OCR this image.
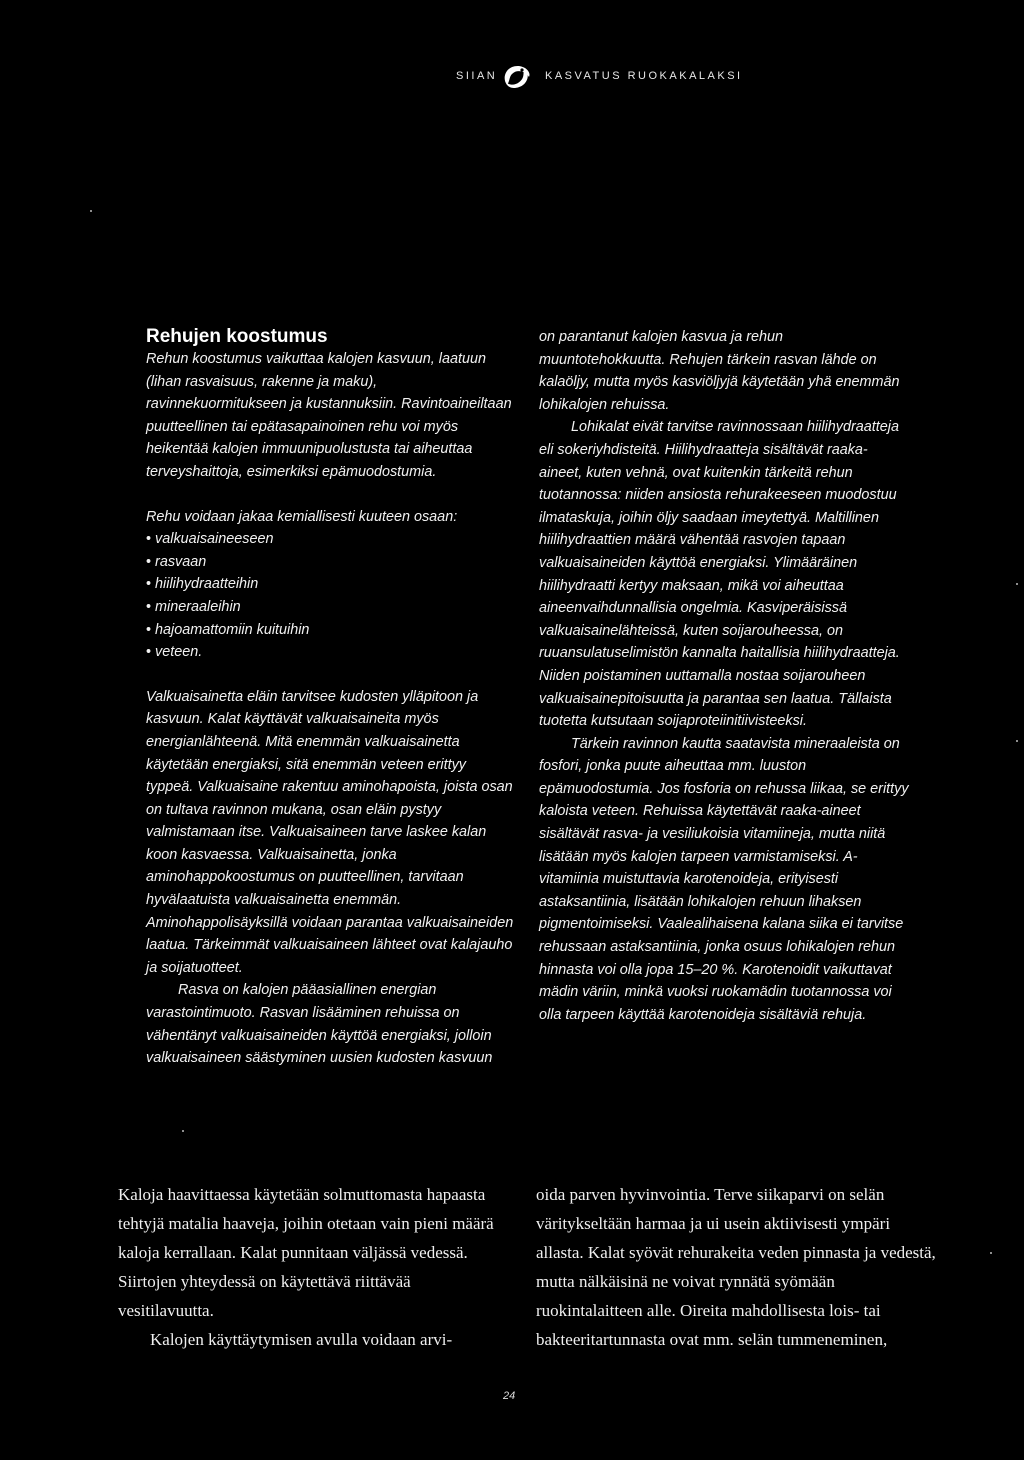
SIIAN	KASVATUS RUOKAKALAKSI
Rehujen koostumus

Rehun koostumus vaikuttaa kalojen kasvuun, laatuun (lihan rasvaisuus, rakenne ja maku), ravinnekuormitukseen ja kustannuksiin. Ravintoaineiltaan puutteellinen tai epätasapainoinen rehu voi myös heikentää kalojen immuunipuolustusta tai aiheuttaa terveyshaittoja, esimerkiksi epämuodostumia.

Rehu voidaan jakaa kemiallisesti kuuteen osaan:

• valkuaisaineeseen
• rasvaan
• hiilihydraatteihin
• mineraaleihin
• hajoamattomiin kuituihin
• veteen.

Valkuaisainetta eläin tarvitsee kudosten ylläpitoon ja kasvuun. Kalat käyttävät valkuaisaineita myös energianlähteenä. Mitä enemmän valkuaisainetta käytetään energiaksi, sitä enemmän veteen erittyy typpeä. Valkuaisaine rakentuu aminohapoista, joista osan on tultava ravinnon mukana, osan eläin pystyy valmistamaan itse. Valkuaisaineen tarve laskee kalan koon kasvaessa. Valkuaisainetta, jonka aminohappokoostumus on puutteellinen, tarvitaan hyvälaatuista valkuaisainetta enemmän. Aminohappolisäyksillä voidaan parantaa valkuaisaineiden laatua. Tärkeimmät valkuaisaineen lähteet ovat kalajauho ja soijatuotteet.

Rasva on kalojen pääasiallinen energian varastointimuoto. Rasvan lisääminen rehuissa on vähentänyt valkuaisaineiden käyttöä energiaksi, jolloin valkuaisaineen säästyminen uusien kudosten kasvuun

on parantanut kalojen kasvua ja rehun muuntotehokkuutta. Rehujen tärkein rasvan lähde on kalaöljy, mutta myös kasviöljyjä käytetään yhä enemmän lohikalojen rehuissa.

Lohikalat eivät tarvitse ravinnossaan hiilihydraatteja eli sokeriyhdisteitä. Hiilihydraatteja sisältävät raaka-aineet, kuten vehnä, ovat kuitenkin tärkeitä rehun tuotannossa: niiden ansiosta rehurakeeseen muodostuu ilmataskuja, joihin öljy saadaan imeytettyä. Maltillinen hiilihydraattien määrä vähentää rasvojen tapaan valkuaisaineiden käyttöä energiaksi. Ylimääräinen hiilihydraatti kertyy maksaan, mikä voi aiheuttaa aineenvaihdunnallisia ongelmia. Kasviperäisissä valkuaisainelähteissä, kuten soijarouheessa, on ruuansulatuselimistön kannalta haitallisia hiilihydraatteja. Niiden poistaminen uuttamalla nostaa soijarouheen valkuaisainepitoisuutta ja parantaa sen laatua. Tällaista tuotetta kutsutaan soijaproteiinitiivisteeksi.

Tärkein ravinnon kautta saatavista mineraaleista on fosfori, jonka puute aiheuttaa mm. luuston epämuodostumia. Jos fosforia on rehussa liikaa, se erittyy kaloista veteen. Rehuissa käytettävät raaka-aineet sisältävät rasva- ja vesiliukoisia vitamiineja, mutta niitä lisätään myös kalojen tarpeen varmistamiseksi. A-vitamiinia muistuttavia karotenoideja, erityisesti astaksantiinia, lisätään lohikalojen rehuun lihaksen pigmentoimiseksi. Vaalealihaisena kalana siika ei tarvitse rehussaan astaksantiinia, jonka osuus lohikalojen rehun hinnasta voi olla jopa 15–20 %. Karotenoidit vaikuttavat mädin väriin, minkä vuoksi ruokamädin tuotannossa voi olla tarpeen käyttää karotenoideja sisältäviä rehuja.

Kaloja haavittaessa käytetään solmuttomasta hapaasta tehtyjä matalia haaveja, joihin otetaan vain pieni määrä kaloja kerrallaan. Kalat punnitaan väljässä vedessä. Siirtojen yhteydessä on käytettävä riittävää vesitilavuutta.

Kalojen käyttäytymisen avulla voidaan arvi-

oida parven hyvinvointia. Terve siikaparvi on selän väritykseltään harmaa ja ui usein aktiivisesti ympäri allasta. Kalat syövät rehurakeita veden pinnasta ja vedestä, mutta nälkäisinä ne voivat rynnätä syömään ruokintalaitteen alle. Oireita mahdollisesta lois- tai bakteeritartunnasta ovat mm. selän tummeneminen,

24
